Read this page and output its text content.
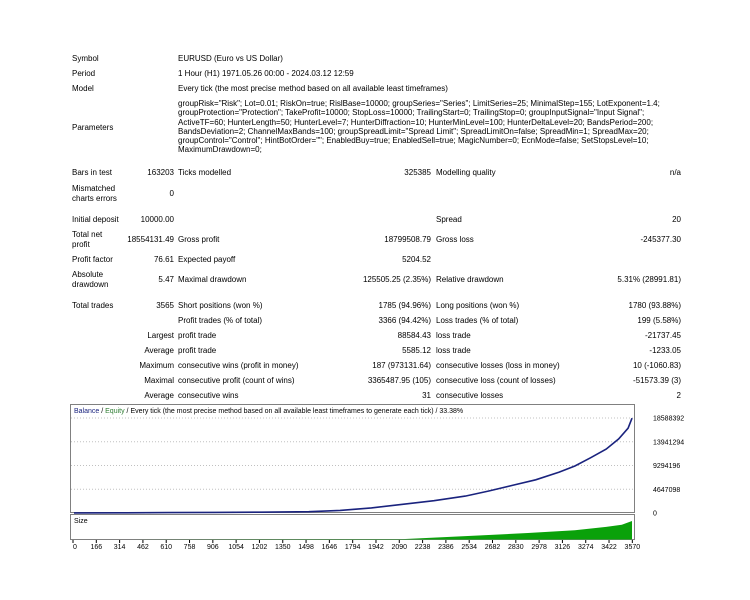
Symbol	EURUSD (Euro vs US Dollar)
Period	1 Hour (H1) 1971.05.26 00:00 - 2024.03.12 12:59
Model	Every tick (the most precise method based on all available least timeframes)
Parameters
groupRisk="Risk"; Lot=0.01; RiskOn=true; RislBase=10000; groupSeries="Series"; LimitSeries=25; MinimalStep=155; LotExponent=1.4;
groupProtection="Protection"; TakeProfit=10000; StopLoss=10000; TrailingStart=0; TrailingStop=0; groupInputSignal="Input Signal";
ActiveTF=60; HunterLength=50; HunterLevel=7; HunterDiffraction=10; HunterMinLevel=100; HunterDeltaLevel=20; BandsPeriod=200;
BandsDeviation=2; ChannelMaxBands=100; groupSpreadLimit="Spread Limit"; SpreadLimitOn=false; SpreadMin=1; SpreadMax=20;
groupControl="Control"; HintBotOrder=""; EnabledBuy=true; EnabledSell=true; MagicNumber=0; EcnMode=false; SetStopsLevel=10;
MaximumDrawdown=0;
Bars in test	163203 Ticks modelled	325385 Modelling quality	n/a
Mismatched
charts errors
0
Initial deposit	10000.00	Spread	20
Total net
profit
18554131.49 Gross profit	18799508.79 Gross loss	-245377.30
Profit factor	76.61 Expected payoff	5204.52
Absolute
drawdown
5.47 Maximal drawdown	125505.25 (2.35%) Relative drawdown	5.31% (28991.81)
Total trades	3565 Short positions (won %)	1785 (94.96%) Long positions (won %)	1780 (93.88%)
Profit trades (% of total)	3366 (94.42%) Loss trades (% of total)	199 (5.58%)
Largest profit trade	88584.43 loss trade	-21737.45
Average profit trade	5585.12 loss trade	-1233.05
Maximum consecutive wins (profit in money)	187 (973131.64) consecutive losses (loss in money)	10 (-1060.83)
Maximal consecutive profit (count of wins)	3365487.95 (105) consecutive loss (count of losses)	-51573.39 (3)
Average consecutive wins	31 consecutive losses	2
Balance / Equity / Every tick (the most precise method based on all available least timeframes to generate each tick) / 33.38%
Size
18588392
13941294
9294196
4647098
0
0 166 314 462 610 758 906 1054 1202 1350 1498 1646 1794 1942 2090 2238 2386 2534 2682 2830 2978 3126 3274 3422 3570
